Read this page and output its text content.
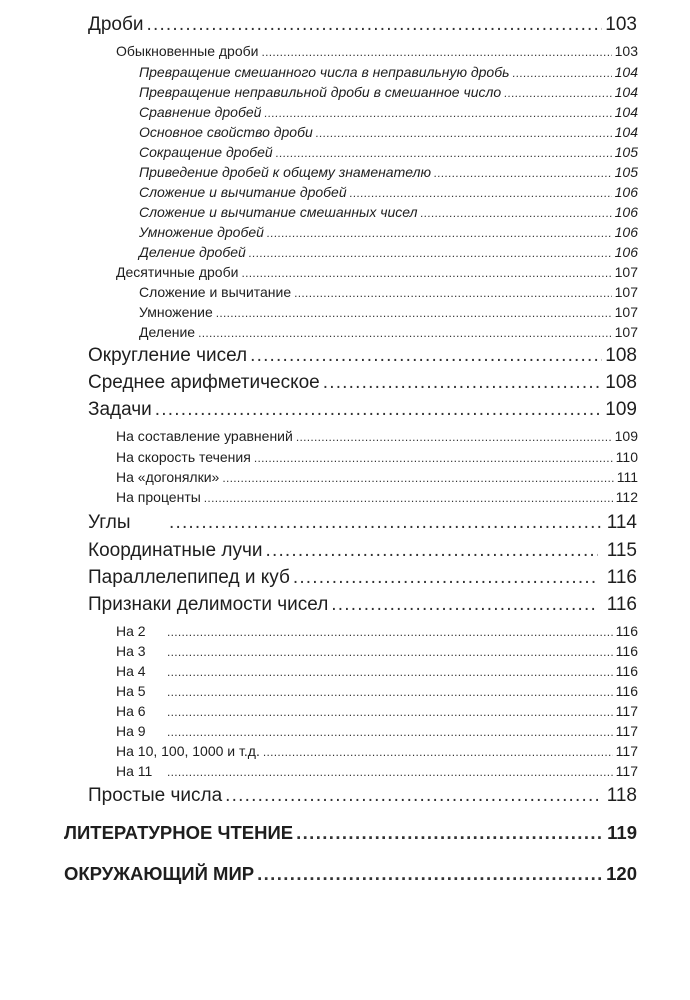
Дроби .....	103
Обыкновенные дроби .....	103
Превращение смешанного числа в неправильную дробь .....	104
Превращение неправильной дроби в смешанное число .....	104
Сравнение дробей .....	104
Основное свойство дроби .....	104
Сокращение дробей .....	105
Приведение дробей к общему знаменателю .....	105
Сложение и вычитание дробей .....	106
Сложение и вычитание смешанных чисел .....	106
Умножение дробей .....	106
Деление дробей .....	106
Десятичные дроби .....	107
Сложение и вычитание .....	107
Умножение .....	107
Деление .....	107
Округление чисел .....	108
Среднее арифметическое .....	108
Задачи .....	109
На составление уравнений .....	109
На скорость течения .....	110
На «догонялки» .....	111
На проценты .....	112
Углы .....	114
Координатные лучи .....	115
Параллелепипед и куб .....	116
Признаки делимости чисел .....	116
На 2 .....	116
На 3 .....	116
На 4 .....	116
На 5 .....	116
На 6 .....	117
На 9 .....	117
На 10, 100, 1000 и т.д. .....	117
На 11 .....	117
Простые числа .....	118
ЛИТЕРАТУРНОЕ ЧТЕНИЕ .....	119
ОКРУЖАЮЩИЙ МИР .....	120
